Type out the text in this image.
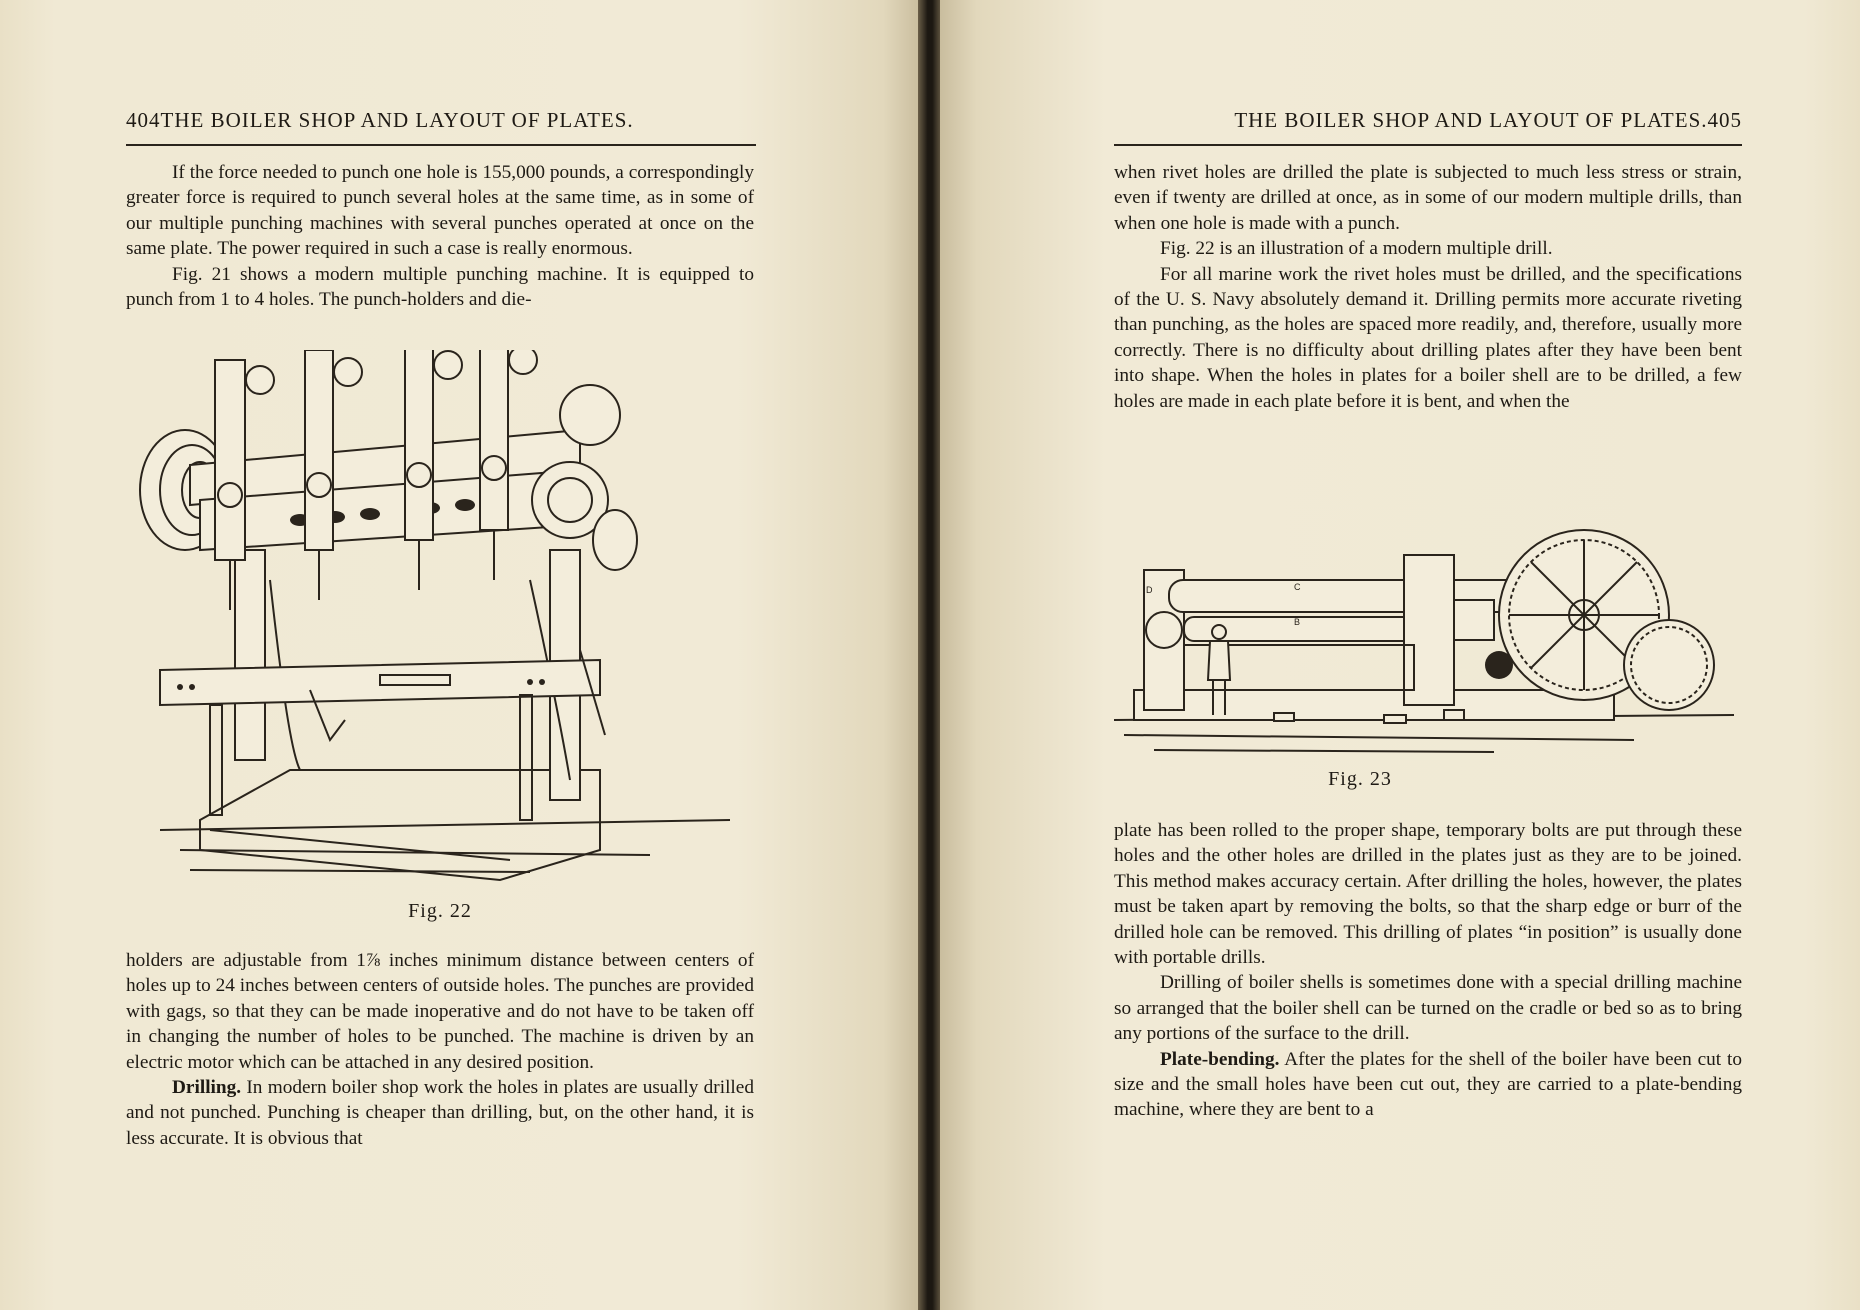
404THE BOILER SHOP AND LAYOUT OF PLATES.

If the force needed to punch one hole is 155,000 pounds, a correspondingly greater force is required to punch several holes at the same time, as in some of our multiple punching machines with several punches operated at once on the same plate. The power required in such a case is really enormous.

Fig. 21 shows a modern multiple punching machine. It is equipped to punch from 1 to 4 holes. The punch-holders and die-

Fig. 22

holders are adjustable from 1⅞ inches minimum distance between centers of holes up to 24 inches between centers of outside holes. The punches are provided with gags, so that they can be made inoperative and do not have to be taken off in changing the number of holes to be punched. The machine is driven by an electric motor which can be attached in any desired position.

Drilling. In modern boiler shop work the holes in plates are usually drilled and not punched. Punching is cheaper than drilling, but, on the other hand, it is less accurate. It is obvious that

THE BOILER SHOP AND LAYOUT OF PLATES.405

when rivet holes are drilled the plate is subjected to much less stress or strain, even if twenty are drilled at once, as in some of our modern multiple drills, than when one hole is made with a punch.

Fig. 22 is an illustration of a modern multiple drill.

For all marine work the rivet holes must be drilled, and the specifications of the U. S. Navy absolutely demand it. Drilling permits more accurate riveting than punching, as the holes are spaced more readily, and, therefore, usually more correctly. There is no difficulty about drilling plates after they have been bent into shape. When the holes in plates for a boiler shell are to be drilled, a few holes are made in each plate before it is bent, and when the

D	C
B
Fig. 23

plate has been rolled to the proper shape, temporary bolts are put through these holes and the other holes are drilled in the plates just as they are to be joined. This method makes accuracy certain. After drilling the holes, however, the plates must be taken apart by removing the bolts, so that the sharp edge or burr of the drilled hole can be removed. This drilling of plates “in position” is usually done with portable drills.

Drilling of boiler shells is sometimes done with a special drilling machine so arranged that the boiler shell can be turned on the cradle or bed so as to bring any portions of the surface to the drill.

Plate-bending. After the plates for the shell of the boiler have been cut to size and the small holes have been cut out, they are carried to a plate-bending machine, where they are bent to a
